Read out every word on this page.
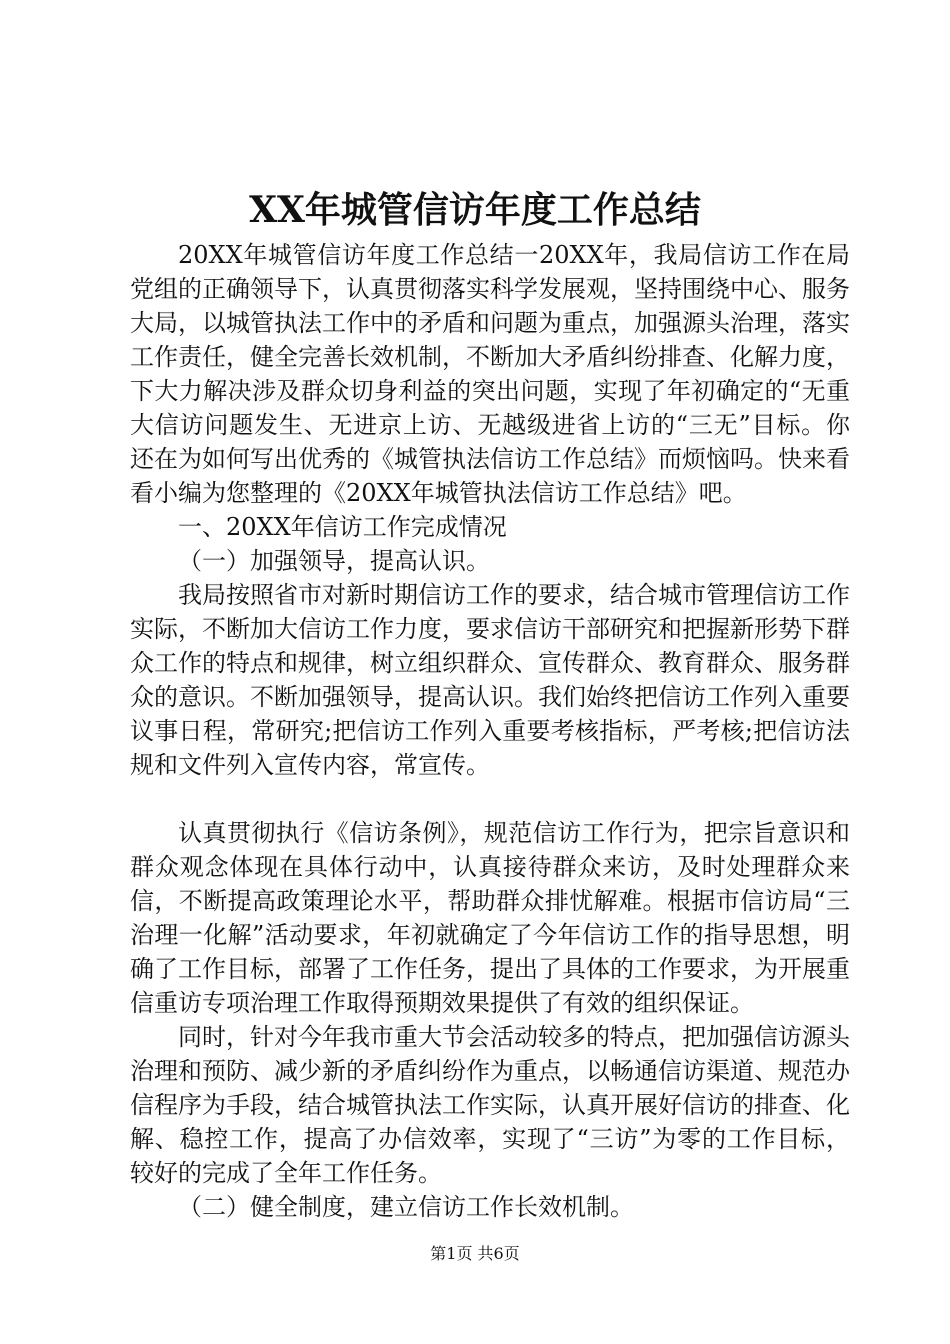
XX年城管信访年度工作总结

20XX年城管信访年度工作总结一20XX年，我局信访工作在局党组的正确领导下，认真贯彻落实科学发展观，坚持围绕中心、服务大局，以城管执法工作中的矛盾和问题为重点，加强源头治理，落实工作责任，健全完善长效机制，不断加大矛盾纠纷排查、化解力度，下大力解决涉及群众切身利益的突出问题，实现了年初确定的“无重大信访问题发生、无进京上访、无越级进省上访的“三无”目标。你还在为如何写出优秀的《城管执法信访工作总结》而烦恼吗。快来看看小编为您整理的《20XX年城管执法信访工作总结》吧。

一、20XX年信访工作完成情况

（一）加强领导，提高认识。

我局按照省市对新时期信访工作的要求，结合城市管理信访工作实际，不断加大信访工作力度，要求信访干部研究和把握新形势下群众工作的特点和规律，树立组织群众、宣传群众、教育群众、服务群众的意识。不断加强领导，提高认识。我们始终把信访工作列入重要议事日程，常研究;把信访工作列入重要考核指标，严考核;把信访法规和文件列入宣传内容，常宣传。

认真贯彻执行《信访条例》，规范信访工作行为，把宗旨意识和群众观念体现在具体行动中，认真接待群众来访，及时处理群众来信，不断提高政策理论水平，帮助群众排忧解难。根据市信访局“三治理一化解”活动要求，年初就确定了今年信访工作的指导思想，明确了工作目标，部署了工作任务，提出了具体的工作要求，为开展重信重访专项治理工作取得预期效果提供了有效的组织保证。

同时，针对今年我市重大节会活动较多的特点，把加强信访源头治理和预防、减少新的矛盾纠纷作为重点，以畅通信访渠道、规范办信程序为手段，结合城管执法工作实际，认真开展好信访的排查、化解、稳控工作，提高了办信效率，实现了“三访”为零的工作目标，较好的完成了全年工作任务。

（二）健全制度，建立信访工作长效机制。

第1页 共6页
